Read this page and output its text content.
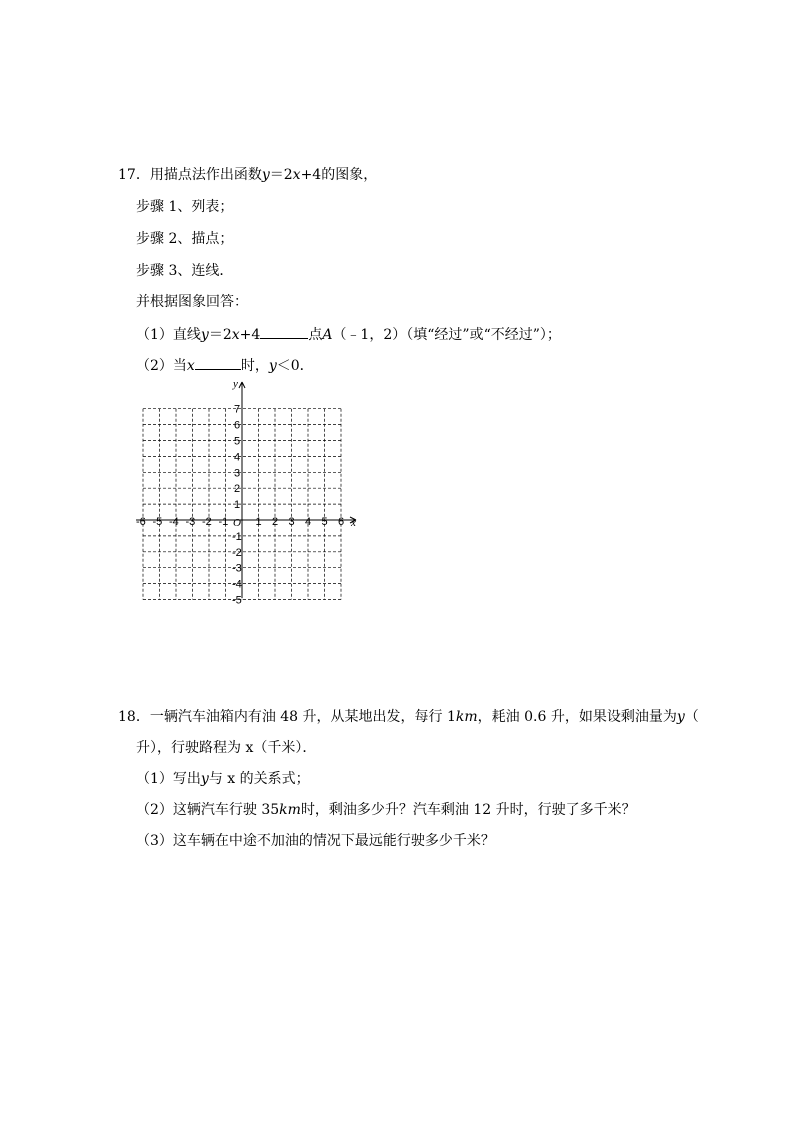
17．用描点法作出函数y＝2x+4的图象，
步骤 1、列表；
步骤 2、描点；
步骤 3、连线．
并根据图象回答：
（1）直线y＝2x+4	点A（﹣1，2）（填“经过”或“不经过”）；
（2）当x	时，y＜0．
-6 -5 -4 -3 -2 -1 1 2 3 4 5 6
7
6
5
4
3
2
1
-1
-2
-3
-4
-5
x
y
O
18．一辆汽车油箱内有油 48 升，从某地出发，每行 1km，耗油 0.6 升，如果设剩油量为y（
升），行驶路程为 x（千米）．
（1）写出y与 x 的关系式；
（2）这辆汽车行驶 35km时，剩油多少升？汽车剩油 12 升时，行驶了多千米？
（3）这车辆在中途不加油的情况下最远能行驶多少千米？
